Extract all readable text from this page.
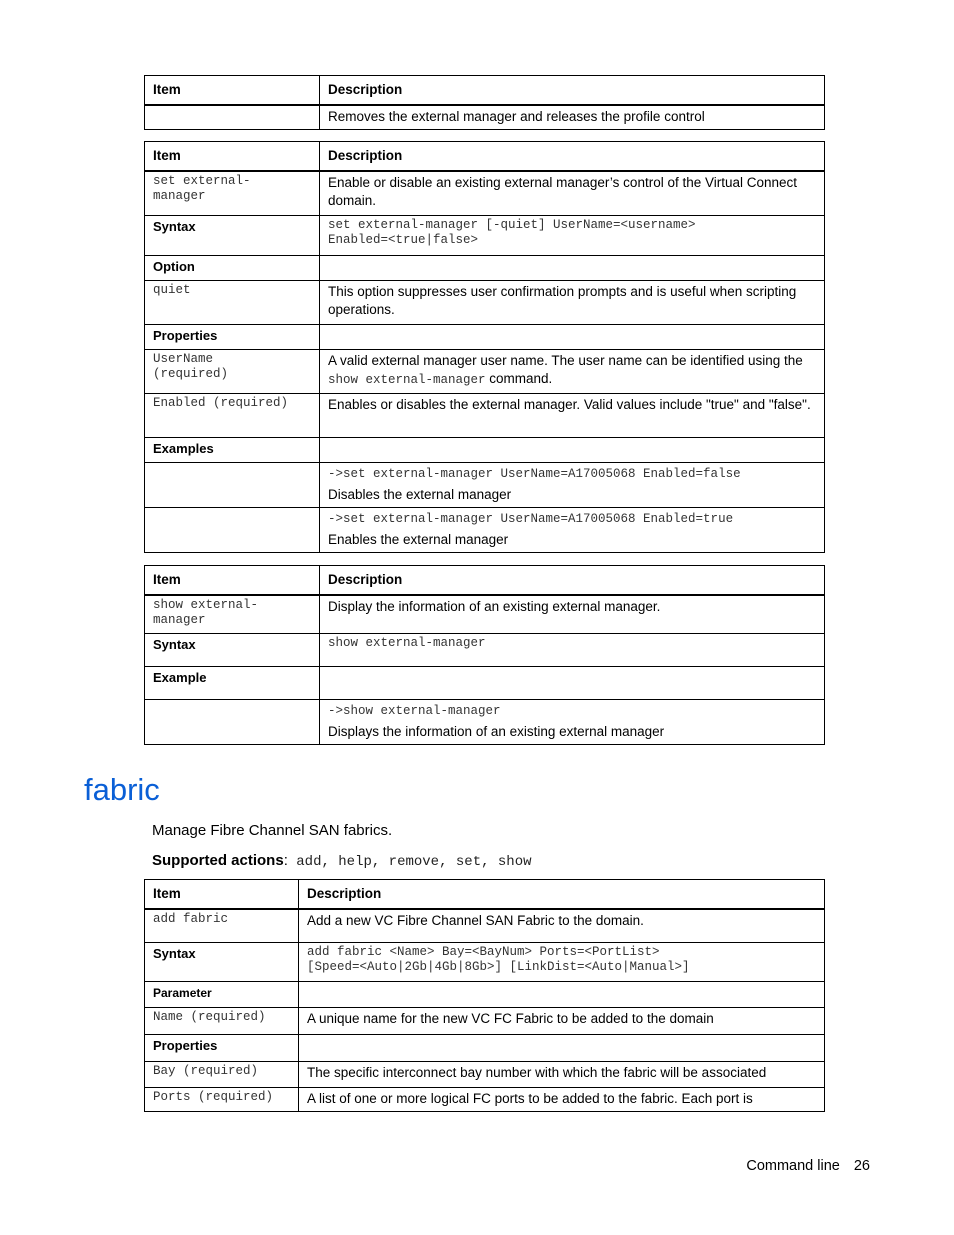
Item	Description
	Removes the external manager and releases the profile control
Item	Description
set external-
manager	Enable or disable an existing external manager’s control of the Virtual Connect domain.
Syntax	set external-manager [-quiet] UserName=<username>
Enabled=<true|false>
Option	
quiet	This option suppresses user confirmation prompts and is useful when scripting operations.
Properties	
UserName
(required)	A valid external manager user name. The user name can be identified using the show external-manager command.
Enabled (required)	Enables or disables the external manager. Valid values include "true" and "false".
Examples	

	->set external-manager UserName=A17005068 Enabled=false
Disables the external manager

	->set external-manager UserName=A17005068 Enabled=true
Enables the external manager
Item	Description
show external-
manager	Display the information of an existing external manager.
Syntax	show external-manager
Example	

	->show external-manager
Displays the information of an existing external manager
fabric
Manage Fibre Channel SAN fabrics.
Supported actions: add, help, remove, set, show
Item	Description
add fabric	Add a new VC Fibre Channel SAN Fabric to the domain.
Syntax	add fabric <Name> Bay=<BayNum> Ports=<PortList>
[Speed=<Auto|2Gb|4Gb|8Gb>] [LinkDist=<Auto|Manual>]
Parameter	
Name (required)	A unique name for the new VC FC Fabric to be added to the domain
Properties	
Bay (required)	The specific interconnect bay number with which the fabric will be associated
Ports (required)	A list of one or more logical FC ports to be added to the fabric. Each port is
Command line 26
